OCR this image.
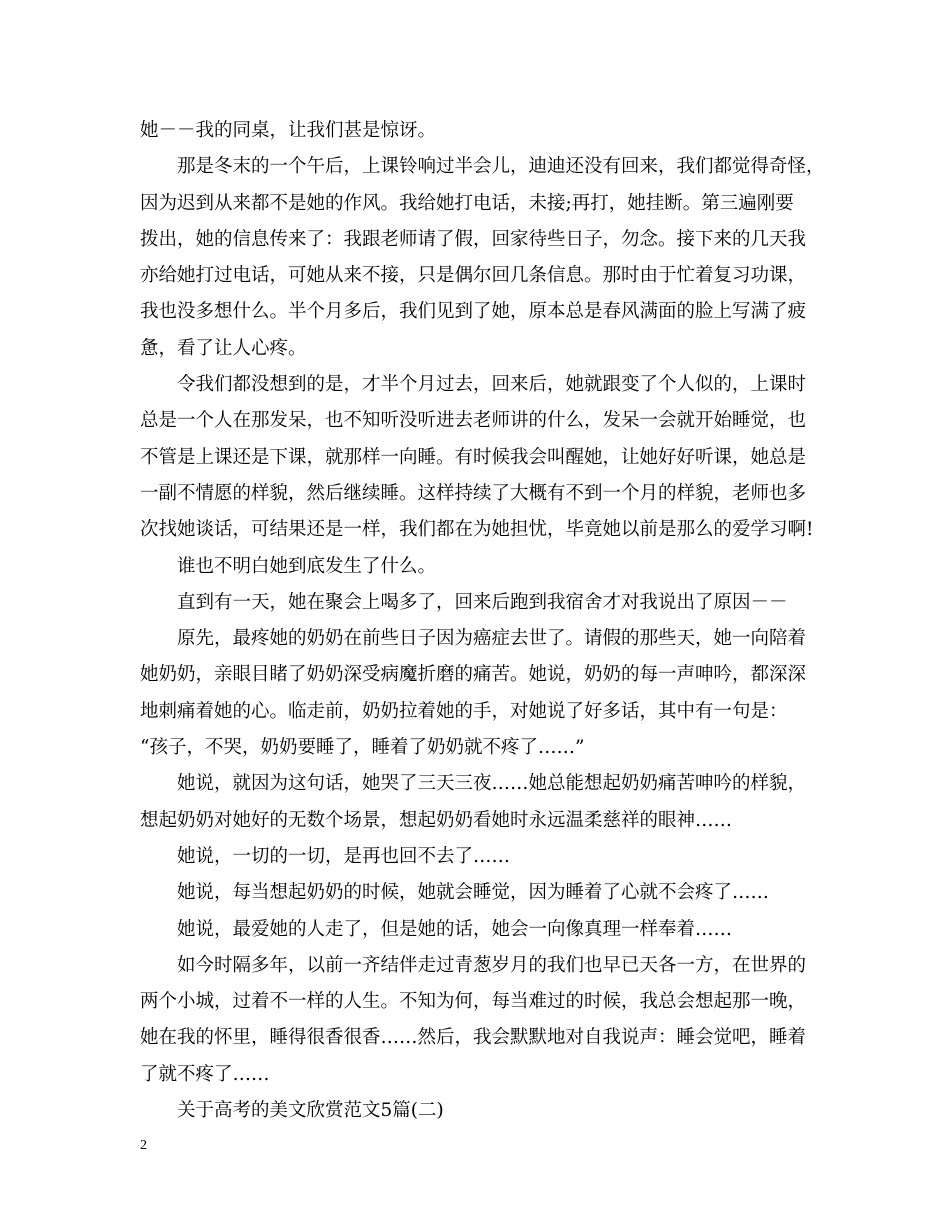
她－－我的同桌，让我们甚是惊讶。
那是冬末的一个午后，上课铃响过半会儿，迪迪还没有回来，我们都觉得奇怪，
因为迟到从来都不是她的作风。我给她打电话，未接;再打，她挂断。第三遍刚要
拨出，她的信息传来了：我跟老师请了假，回家待些日子，勿念。接下来的几天我
亦给她打过电话，可她从来不接，只是偶尔回几条信息。那时由于忙着复习功课，
我也没多想什么。半个月多后，我们见到了她，原本总是春风满面的脸上写满了疲
惫，看了让人心疼。
令我们都没想到的是，才半个月过去，回来后，她就跟变了个人似的，上课时
总是一个人在那发呆，也不知听没听进去老师讲的什么，发呆一会就开始睡觉，也
不管是上课还是下课，就那样一向睡。有时候我会叫醒她，让她好好听课，她总是
一副不情愿的样貌，然后继续睡。这样持续了大概有不到一个月的样貌，老师也多
次找她谈话，可结果还是一样，我们都在为她担忧，毕竟她以前是那么的爱学习啊!
谁也不明白她到底发生了什么。
直到有一天，她在聚会上喝多了，回来后跑到我宿舍才对我说出了原因－－
原先，最疼她的奶奶在前些日子因为癌症去世了。请假的那些天，她一向陪着
她奶奶，亲眼目睹了奶奶深受病魔折磨的痛苦。她说，奶奶的每一声呻吟，都深深
地刺痛着她的心。临走前，奶奶拉着她的手，对她说了好多话，其中有一句是：
“孩子，不哭，奶奶要睡了，睡着了奶奶就不疼了……”
她说，就因为这句话，她哭了三天三夜……她总能想起奶奶痛苦呻吟的样貌，
想起奶奶对她好的无数个场景，想起奶奶看她时永远温柔慈祥的眼神……
她说，一切的一切，是再也回不去了……
她说，每当想起奶奶的时候，她就会睡觉，因为睡着了心就不会疼了……
她说，最爱她的人走了，但是她的话，她会一向像真理一样奉着……
如今时隔多年，以前一齐结伴走过青葱岁月的我们也早已天各一方，在世界的
两个小城，过着不一样的人生。不知为何，每当难过的时候，我总会想起那一晚，
她在我的怀里，睡得很香很香……然后，我会默默地对自我说声：睡会觉吧，睡着
了就不疼了……
关于高考的美文欣赏范文5篇(二)
2
